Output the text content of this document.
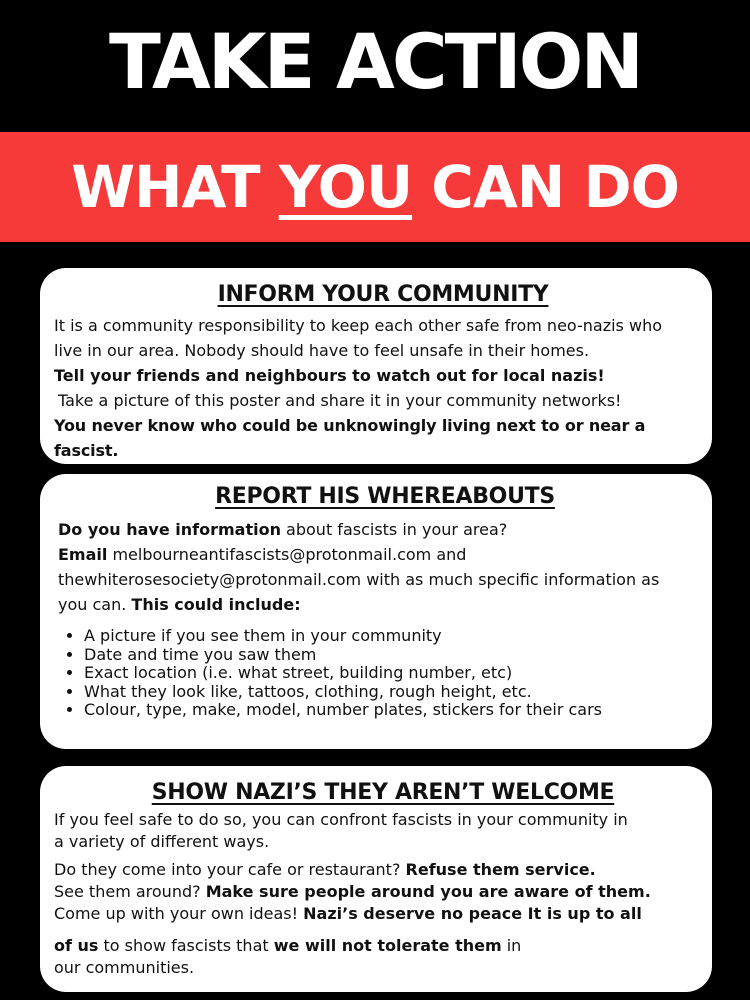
TAKE ACTION
WHAT YOU CAN DO
INFORM YOUR COMMUNITY

It is a community responsibility to keep each other safe from neo-nazis who

live in our area. Nobody should have to feel unsafe in their homes.

Tell your friends and neighbours to watch out for local nazis!

Take a picture of this poster and share it in your community networks!

You never know who could be unknowingly living next to or near a fascist.

REPORT HIS WHEREABOUTS

Do you have information about fascists in your area?

Email melbourneantifascists@protonmail.com and

thewhiterosesociety@protonmail.com with as much specific information as

you can. This could include:

• A picture if you see them in your community
• Date and time you saw them
• Exact location (i.e. what street, building number, etc)
• What they look like, tattoos, clothing, rough height, etc.
• Colour, type, make, model, number plates, stickers for their cars
SHOW NAZI’S THEY AREN’T WELCOME

If you feel safe to do so, you can confront fascists in your community in

a variety of different ways.

Do they come into your cafe or restaurant? Refuse them service.

See them around? Make sure people around you are aware of them.

Come up with your own ideas! Nazi’s deserve no peace It is up to all

of us to show fascists that we will not tolerate them in

our communities.
